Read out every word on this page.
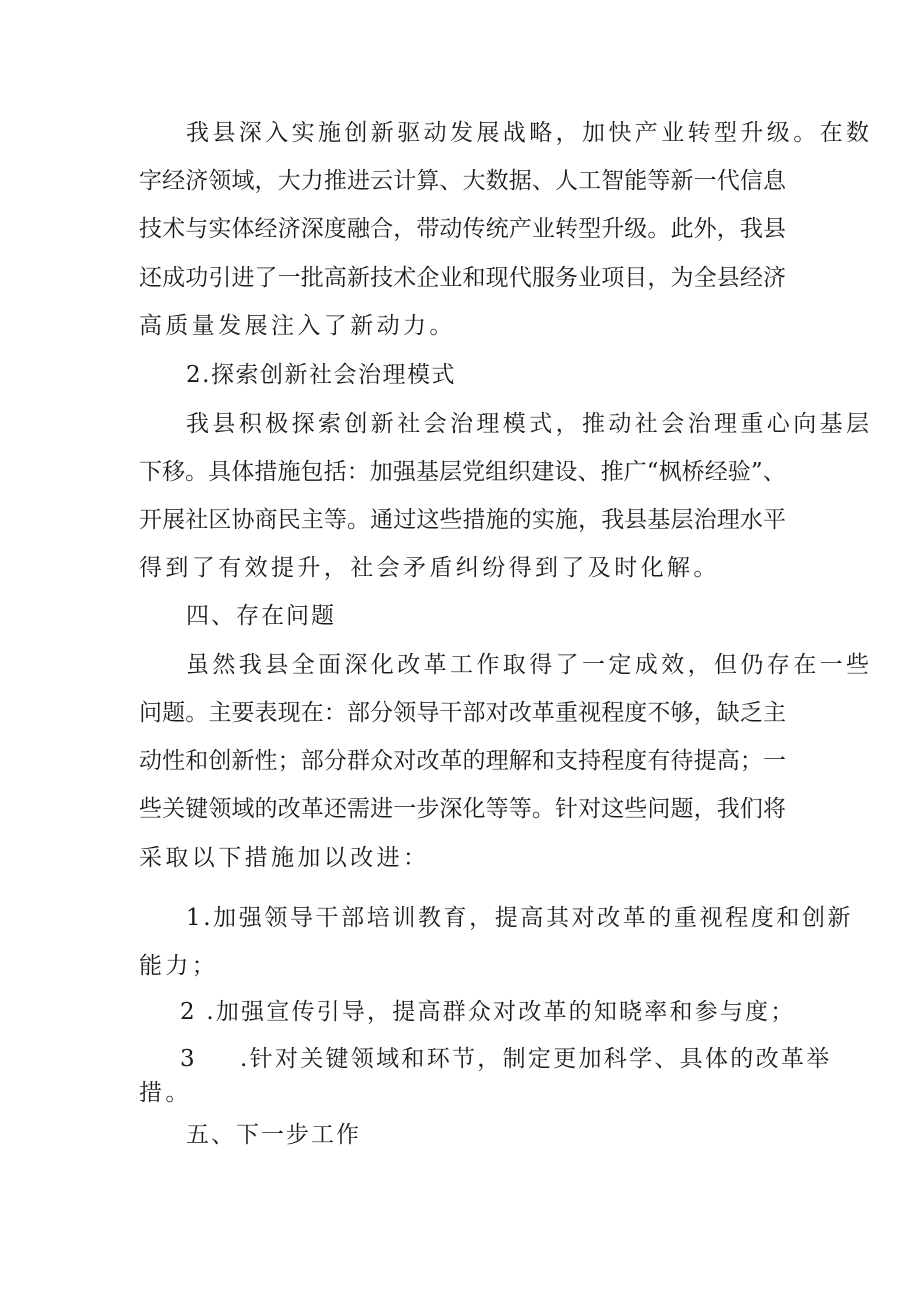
我县深入实施创新驱动发展战略，加快产业转型升级。在数
字 经 济 领 域 ， 大 力 推 进 云 计 算 、 大 数 据 、 人 工 智 能 等 新 一 代 信 息
技 术 与 实 体 经 济 深 度 融 合 ， 带 动 传 统 产 业 转 型 升 级 。 此 外 ， 我 县
还 成 功 引 进 了 一 批 高 新 技 术 企 业 和 现 代 服 务 业 项 目 ， 为 全 县 经 济
高质量发展注入了新动力。
2.探索创新社会治理模式
我县积极探索创新社会治理模式，推动社会治理重心向基层
下 移 。 具 体 措 施 包 括 ： 加 强 基 层 党 组 织 建 设 、 推 广 “ 枫 桥 经 验 ” 、
开 展 社 区 协 商 民 主 等 。 通 过 这 些 措 施 的 实 施 ， 我 县 基 层 治 理 水 平
得到了有效提升，社会矛盾纠纷得到了及时化解。
四、存在问题
虽然我县全面深化改革工作取得了一定成效，但仍存在一些
问 题 。 主 要 表 现 在 ： 部 分 领 导 干 部 对 改 革 重 视 程 度 不 够 ， 缺 乏 主
动 性 和 创 新 性 ； 部 分 群 众 对 改 革 的 理 解 和 支 持 程 度 有 待 提 高 ； 一
些 关 键 领 域 的 改 革 还 需 进 一 步 深 化 等 等 。 针 对 这 些 问 题 ， 我 们 将
采取以下措施加以改进：
1.加强领导干部培训教育，提高其对改革的重视程度和创新
能力；
2 .加强宣传引导，提高群众对改革的知晓率和参与度；
3 .针对关键领域和环节，制定更加科学、具体的改革举
措。
五、下一步工作
